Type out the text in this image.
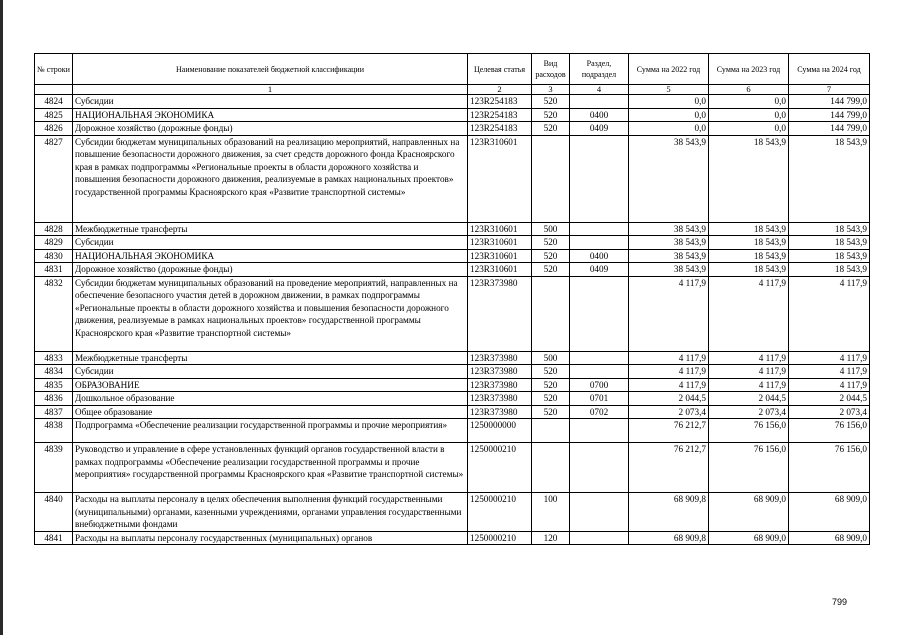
№ строки	Наименование показателей бюджетной классификации	Целевая статья	Вид расходов	Раздел, подраздел	Сумма на 2022 год	Сумма на 2023 год	Сумма на 2024 год
	1	2	3	4	5	6	7
4824	Субсидии	123R254183	520		0,0	0,0	144 799,0
4825	НАЦИОНАЛЬНАЯ ЭКОНОМИКА	123R254183	520	0400	0,0	0,0	144 799,0
4826	Дорожное хозяйство (дорожные фонды)	123R254183	520	0409	0,0	0,0	144 799,0
4827	Субсидии бюджетам муниципальных образований на реализацию мероприятий, направленных на повышение безопасности дорожного движения, за счет средств дорожного фонда Красноярского края в рамках подпрограммы «Региональные проекты в области дорожного хозяйства и повышения безопасности дорожного движения, реализуемые в рамках национальных проектов» государственной программы Красноярского края «Развитие транспортной системы»	123R310601			38 543,9	18 543,9	18 543,9
4828	Межбюджетные трансферты	123R310601	500		38 543,9	18 543,9	18 543,9
4829	Субсидии	123R310601	520		38 543,9	18 543,9	18 543,9
4830	НАЦИОНАЛЬНАЯ ЭКОНОМИКА	123R310601	520	0400	38 543,9	18 543,9	18 543,9
4831	Дорожное хозяйство (дорожные фонды)	123R310601	520	0409	38 543,9	18 543,9	18 543,9
4832	Субсидии бюджетам муниципальных образований на проведение мероприятий, направленных на обеспечение безопасного участия детей в дорожном движении, в рамках подпрограммы «Региональные проекты в области дорожного хозяйства и повышения безопасности дорожного движения, реализуемые в рамках национальных проектов» государственной программы Красноярского края «Развитие транспортной системы»	123R373980			4 117,9	4 117,9	4 117,9
4833	Межбюджетные трансферты	123R373980	500		4 117,9	4 117,9	4 117,9
4834	Субсидии	123R373980	520		4 117,9	4 117,9	4 117,9
4835	ОБРАЗОВАНИЕ	123R373980	520	0700	4 117,9	4 117,9	4 117,9
4836	Дошкольное образование	123R373980	520	0701	2 044,5	2 044,5	2 044,5
4837	Общее образование	123R373980	520	0702	2 073,4	2 073,4	2 073,4
4838	Подпрограмма «Обеспечение реализации государственной программы и прочие мероприятия»	1250000000			76 212,7	76 156,0	76 156,0
4839	Руководство и управление в сфере установленных функций органов государственной власти в рамках подпрограммы «Обеспечение реализации государственной программы и прочие мероприятия» государственной программы Красноярского края «Развитие транспортной системы»	1250000210			76 212,7	76 156,0	76 156,0
4840	Расходы на выплаты персоналу в целях обеспечения выполнения функций государственными (муниципальными) органами, казенными учреждениями, органами управления государственными внебюджетными фондами	1250000210	100		68 909,8	68 909,0	68 909,0
4841	Расходы на выплаты персоналу государственных (муниципальных) органов	1250000210	120		68 909,8	68 909,0	68 909,0
799
